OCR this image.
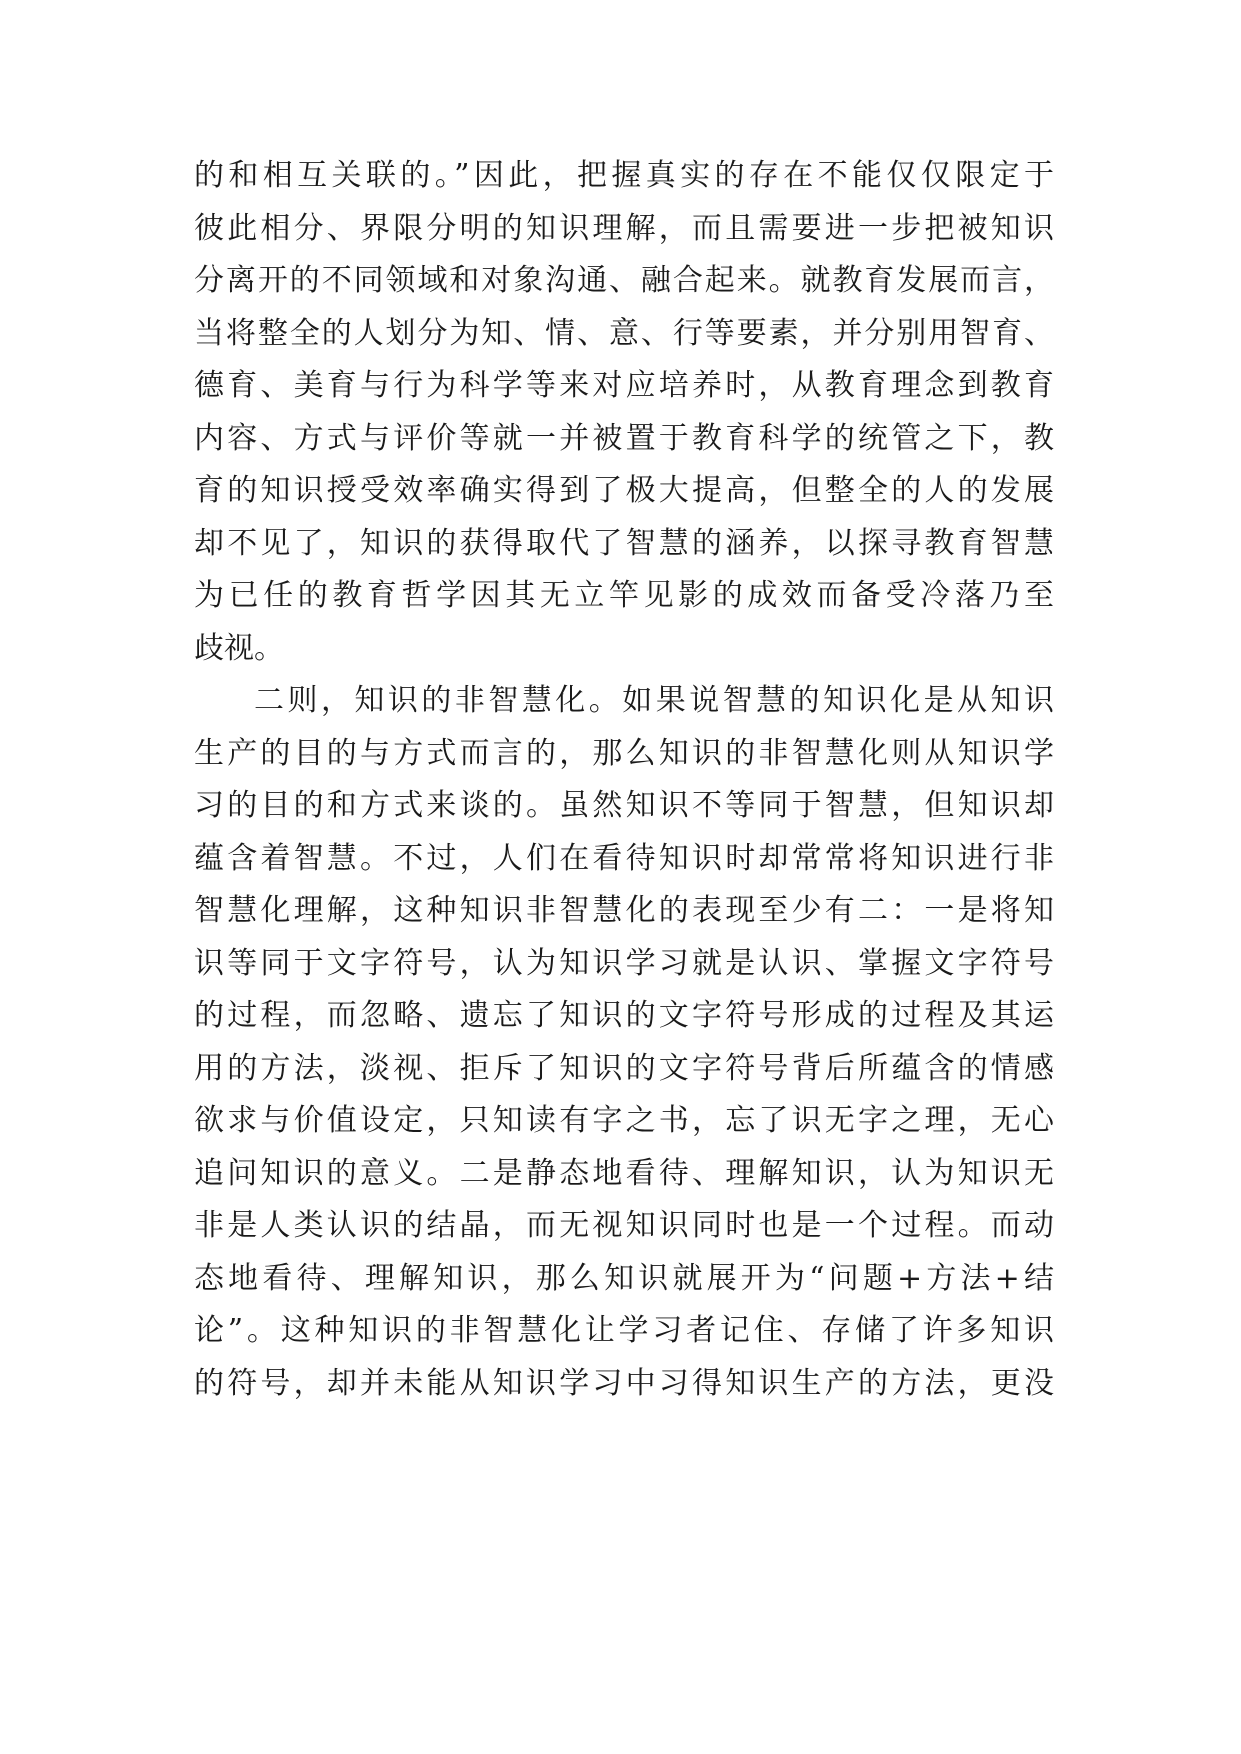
的和相互关联的。”因此，把握真实的存在不能仅仅限定于
彼此相分、界限分明的知识理解，而且需要进一步把被知识
分离开的不同领域和对象沟通、融合起来。就教育发展而言，
当将整全的人划分为知、情、意、行等要素，并分别用智育、
德育、美育与行为科学等来对应培养时，从教育理念到教育
内容、方式与评价等就一并被置于教育科学的统管之下，教
育的知识授受效率确实得到了极大提高，但整全的人的发展
却不见了，知识的获得取代了智慧的涵养，以探寻教育智慧
为已任的教育哲学因其无立竿见影的成效而备受冷落乃至
歧视。
二则，知识的非智慧化。如果说智慧的知识化是从知识
生产的目的与方式而言的，那么知识的非智慧化则从知识学
习的目的和方式来谈的。虽然知识不等同于智慧，但知识却
蕴含着智慧。不过，人们在看待知识时却常常将知识进行非
智慧化理解，这种知识非智慧化的表现至少有二：一是将知
识等同于文字符号，认为知识学习就是认识、掌握文字符号
的过程，而忽略、遗忘了知识的文字符号形成的过程及其运
用的方法，淡视、拒斥了知识的文字符号背后所蕴含的情感
欲求与价值设定，只知读有字之书，忘了识无字之理，无心
追问知识的意义。二是静态地看待、理解知识，认为知识无
非是人类认识的结晶，而无视知识同时也是一个过程。而动
态地看待、理解知识，那么知识就展开为“问题+方法+结
论”。这种知识的非智慧化让学习者记住、存储了许多知识
的符号，却并未能从知识学习中习得知识生产的方法，更没
